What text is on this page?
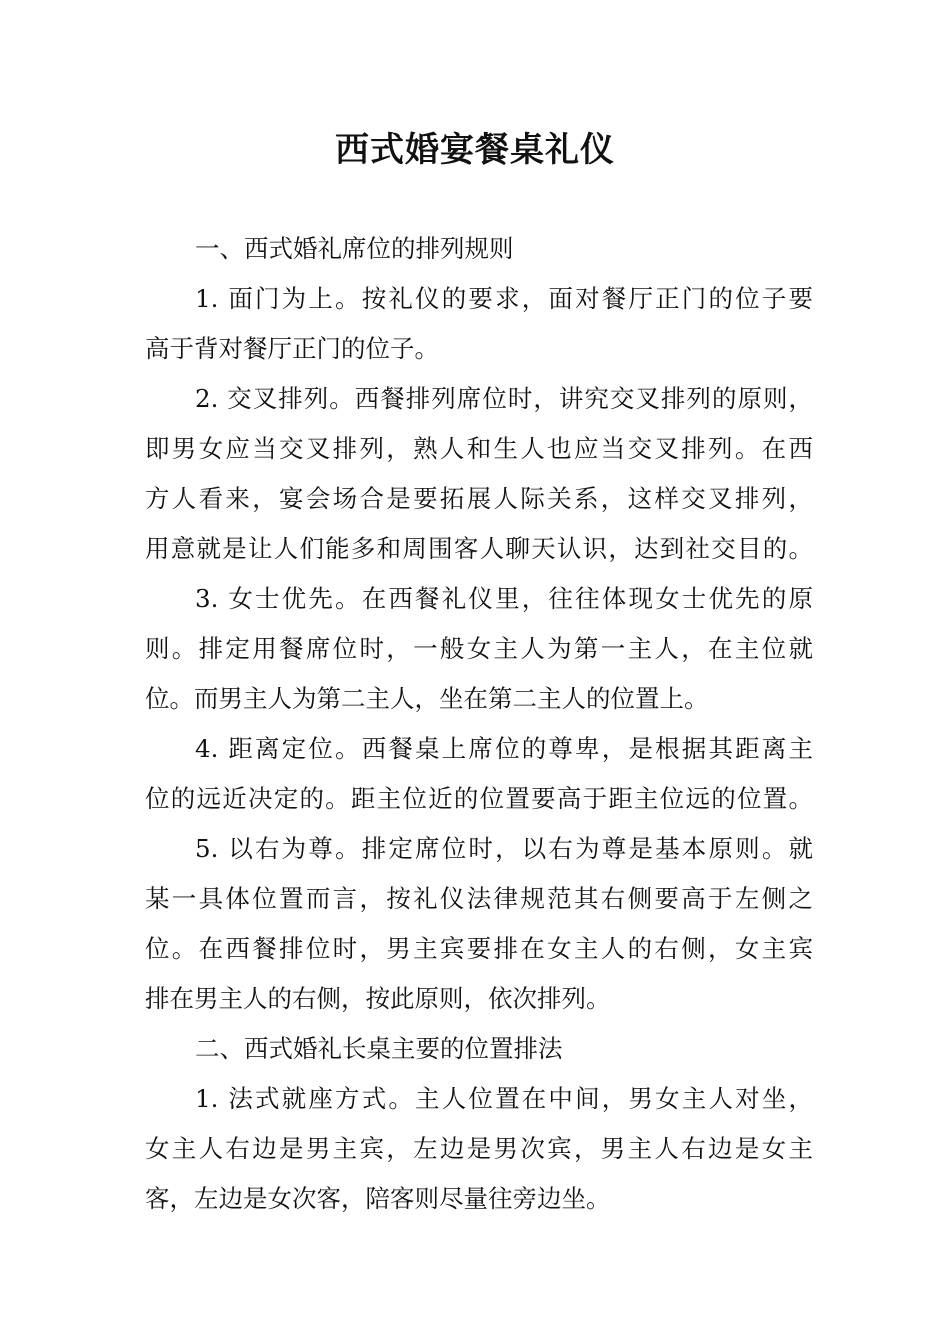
西式婚宴餐桌礼仪
一、西式婚礼席位的排列规则
1. 面门为上。按礼仪的要求，面对餐厅正门的位子要
高于背对餐厅正门的位子。
2. 交叉排列。西餐排列席位时，讲究交叉排列的原则，
即男女应当交叉排列，熟人和生人也应当交叉排列。在西
方人看来，宴会场合是要拓展人际关系，这样交叉排列，
用意就是让人们能多和周围客人聊天认识，达到社交目的。
3. 女士优先。在西餐礼仪里，往往体现女士优先的原
则。排定用餐席位时，一般女主人为第一主人，在主位就
位。而男主人为第二主人，坐在第二主人的位置上。
4. 距离定位。西餐桌上席位的尊卑，是根据其距离主
位的远近决定的。距主位近的位置要高于距主位远的位置。
5. 以右为尊。排定席位时，以右为尊是基本原则。就
某一具体位置而言，按礼仪法律规范其右侧要高于左侧之
位。在西餐排位时，男主宾要排在女主人的右侧，女主宾
排在男主人的右侧，按此原则，依次排列。
二、西式婚礼长桌主要的位置排法
1. 法式就座方式。主人位置在中间，男女主人对坐，
女主人右边是男主宾，左边是男次宾，男主人右边是女主
客，左边是女次客，陪客则尽量往旁边坐。
